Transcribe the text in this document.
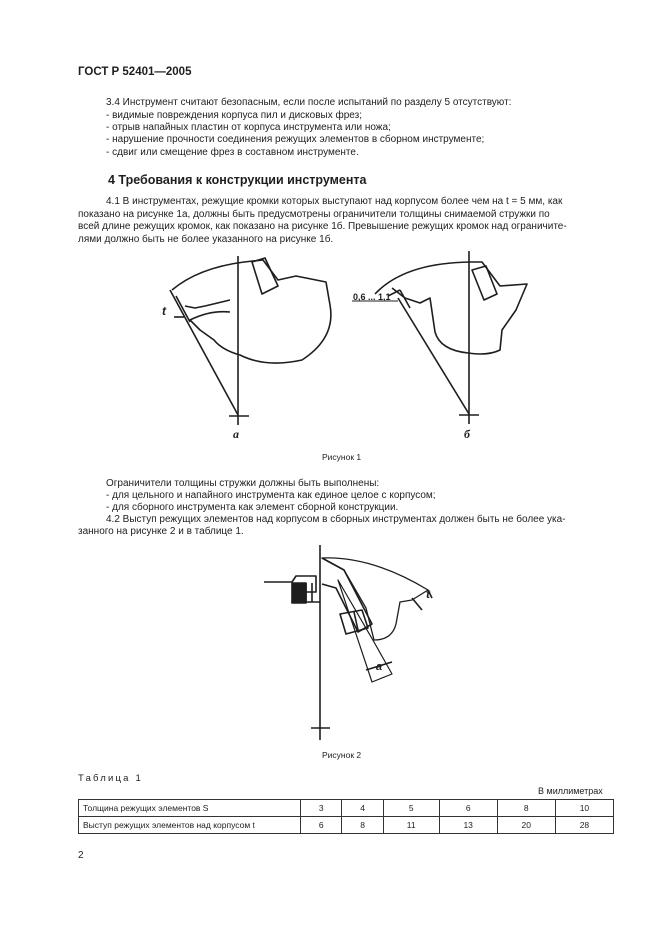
ГОСТ Р 52401—2005
3.4 Инструмент считают безопасным, если после испытаний по разделу 5 отсутствуют:
- видимые повреждения корпуса пил и дисковых фрез;
- отрыв напайных пластин от корпуса инструмента или ножа;
- нарушение прочности соединения режущих элементов в сборном инструменте;
- сдвиг или смещение фрез в составном инструменте.
4 Требования к конструкции инструмента
4.1 В инструментах, режущие кромки которых выступают над корпусом более чем на t = 5 мм, как
показано на рисунке 1а, должны быть предусмотрены ограничители толщины снимаемой стружки по
всей длине режущих кромок, как показано на рисунке 1б. Превышение режущих кромок над ограничите-
лями должно быть не более указанного на рисунке 1б.
t
0,6 ... 1,1
а	б
Рисунок 1
Ограничители толщины стружки должны быть выполнены:
- для цельного и напайного инструмента как единое целое с корпусом;
- для сборного инструмента как элемент сборной конструкции.
4.2 Выступ режущих элементов над корпусом в сборных инструментах должен быть не более ука-
занного на рисунке 2 и в таблице 1.
t
a
Рисунок 2
Таблица 1
В миллиметрах
Толщина режущих элементов S	3	4	5	6	8	10
Выступ режущих элементов над корпусом t	6	8	11	13	20	28
2
